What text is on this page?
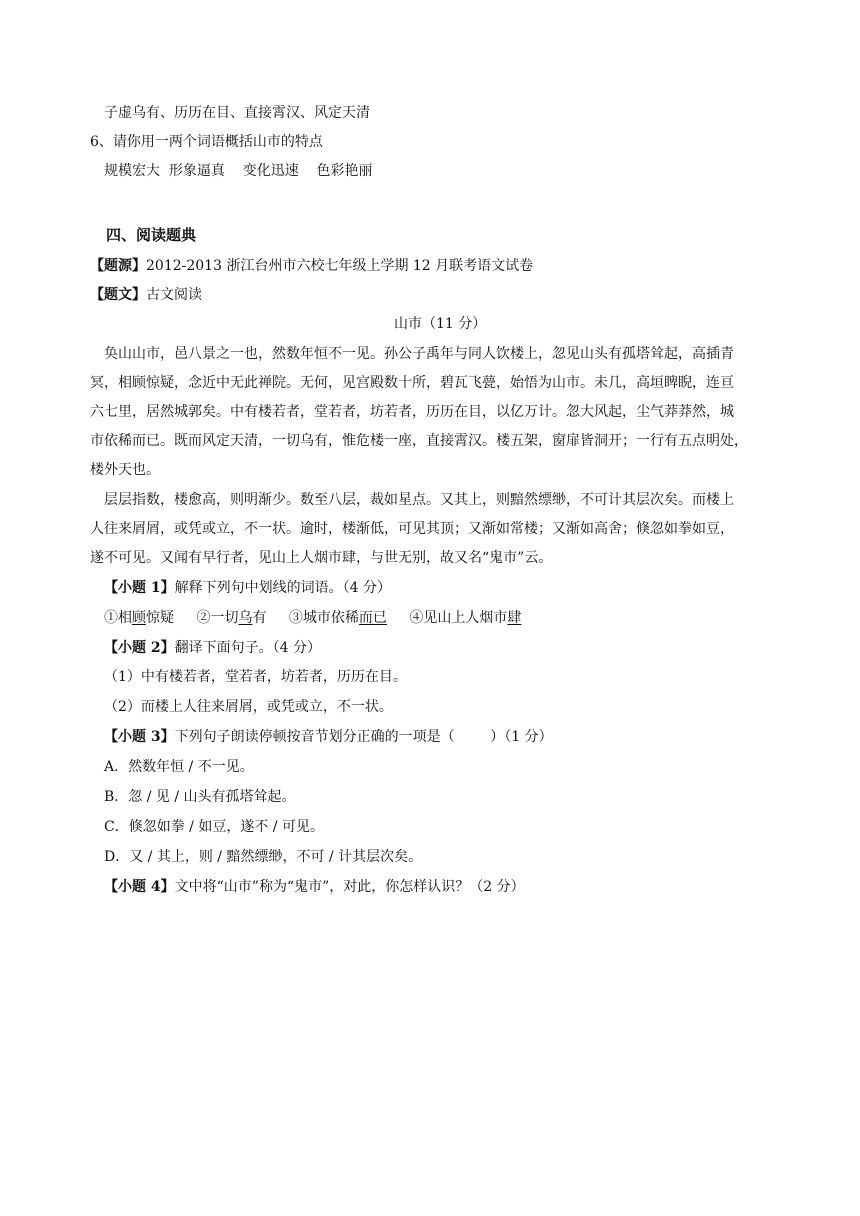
子虚乌有、历历在目、直接霄汉、风定天清
6、请你用一两个词语概括山市的特点
规模宏大  形象逼真    变化迅速    色彩艳丽
四、阅读题典
【题源】2012-2013 浙江台州市六校七年级上学期 12 月联考语文试卷
【题文】古文阅读
山市（11 分）
奂山山市，邑八景之一也，然数年恒不一见。孙公子禹年与同人饮楼上，忽见山头有孤塔耸起，高插青
冥，相顾惊疑，念近中无此禅院。无何，见宫殿数十所，碧瓦飞甍，始悟为山市。未几，高垣睥睨，连亘
六七里，居然城郭矣。中有楼若者，堂若者，坊若者，历历在目，以亿万计。忽大风起，尘气莽莽然，城
市依稀而已。既而风定天清，一切乌有，惟危楼一座，直接霄汉。楼五架，窗扉皆洞开；一行有五点明处，
楼外天也。
层层指数，楼愈高，则明渐少。数至八层，裁如星点。又其上，则黯然缥缈，不可计其层次矣。而楼上
人往来屑屑，或凭或立，不一状。逾时，楼渐低，可见其顶；又渐如常楼；又渐如高舍；倏忽如拳如豆，
遂不可见。又闻有早行者，见山上人烟市肆，与世无别，故又名“鬼市”云。
【小题 1】解释下列句中划线的词语。（4 分）
①相顾惊疑 ②一切乌有 ③城市依稀而已 ④见山上人烟市肆
【小题 2】翻译下面句子。（4 分）
（1）中有楼若者，堂若者，坊若者，历历在目。
（2）而楼上人往来屑屑，或凭或立，不一状。
【小题 3】下列句子朗读停顿按音节划分正确的一项是（        ）（1 分）
A．然数年恒 / 不一见。
B．忽 / 见 / 山头有孤塔耸起。
C．倏忽如拳 / 如豆，遂不 / 可见。
D．又 / 其上，则 / 黯然缥缈，不可 / 计其层次矣。
【小题 4】文中将“山市”称为“鬼市”，对此，你怎样认识？（2 分）
